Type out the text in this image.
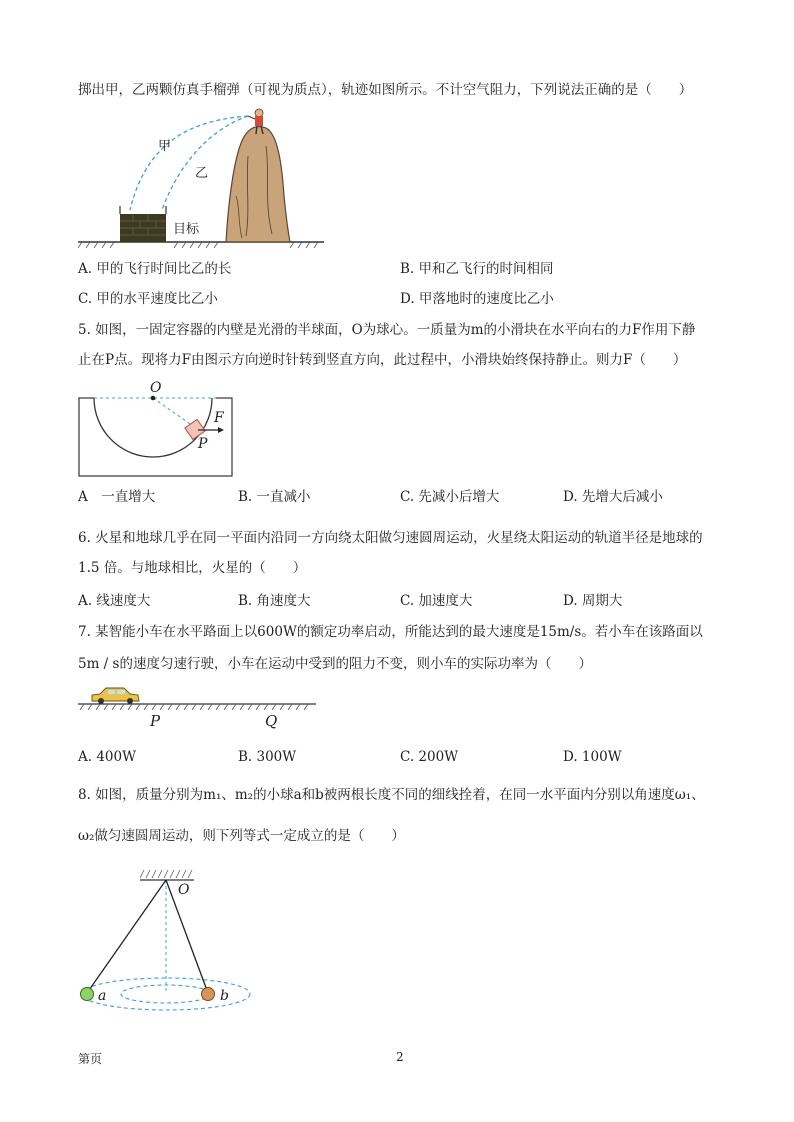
掷出甲，乙两颗仿真手榴弹（可视为质点），轨迹如图所示。不计空气阻力，下列说法正确的是（　　）
甲
乙
目标
A. 甲的飞行时间比乙的长	B. 甲和乙飞行的时间相同
C. 甲的水平速度比乙小	D. 甲落地时的速度比乙小
5. 如图，一固定容器的内壁是光滑的半球面，O为球心。一质量为m的小滑块在水平向右的力F作用下静
止在P点。现将力F由图示方向逆时针转到竖直方向，此过程中，小滑块始终保持静止。则力F（　　）
O
F
P
A　一直增大	B. 一直减小	C. 先减小后增大	D. 先增大后减小
6. 火星和地球几乎在同一平面内沿同一方向绕太阳做匀速圆周运动，火星绕太阳运动的轨道半径是地球的
1.5 倍。与地球相比，火星的（　　）
A. 线速度大	B. 角速度大	C. 加速度大	D. 周期大
7. 某智能小车在水平路面上以600W的额定功率启动，所能达到的最大速度是15m/s。若小车在该路面以
5m / s的速度匀速行驶，小车在运动中受到的阻力不变，则小车的实际功率为（　　）
P	Q
A. 400W	B. 300W	C. 200W	D. 100W
8. 如图，质量分别为m₁、m₂的小球a和b被两根长度不同的细线拴着，在同一水平面内分别以角速度ω₁、
ω₂做匀速圆周运动，则下列等式一定成立的是（　　）
O
a	b
第页	2
